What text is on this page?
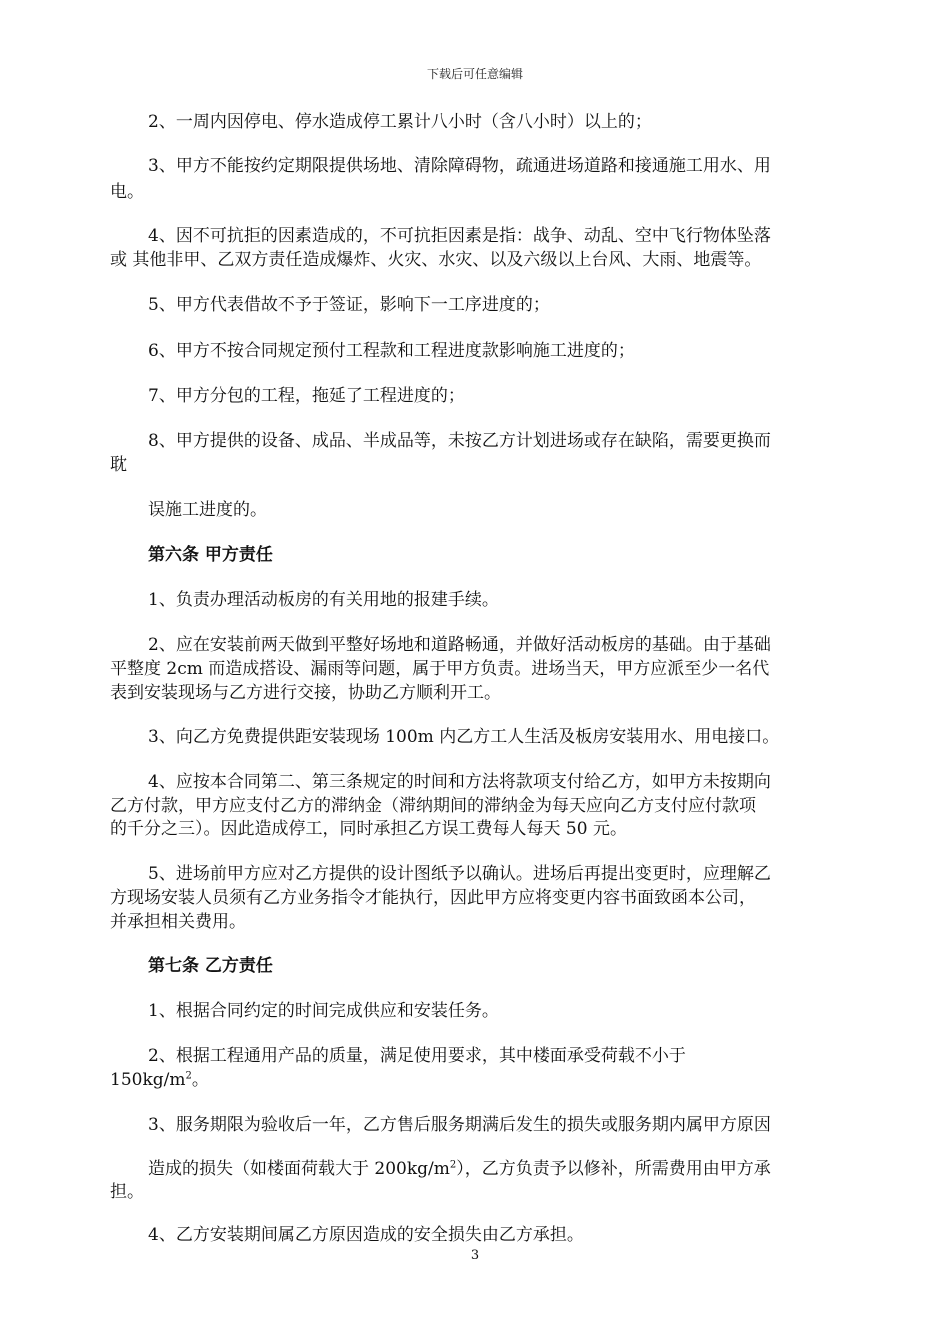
下载后可任意编辑
2、一周内因停电、停水造成停工累计八小时（含八小时）以上的；
3、甲方不能按约定期限提供场地、清除障碍物，疏通进场道路和接通施工用水、用
电。
4、因不可抗拒的因素造成的，不可抗拒因素是指：战争、动乱、空中飞行物体坠落
或 其他非甲、乙双方责任造成爆炸、火灾、水灾、以及六级以上台风、大雨、地震等。
5、甲方代表借故不予于签证，影响下一工序进度的；
6、甲方不按合同规定预付工程款和工程进度款影响施工进度的；
7、甲方分包的工程，拖延了工程进度的；
8、甲方提供的设备、成品、半成品等，未按乙方计划进场或存在缺陷，需要更换而
耽
误施工进度的。
第六条 甲方责任
1、负责办理活动板房的有关用地的报建手续。
2、应在安装前两天做到平整好场地和道路畅通，并做好活动板房的基础。由于基础
平整度 2cm 而造成搭设、漏雨等问题，属于甲方负责。进场当天，甲方应派至少一名代
表到安装现场与乙方进行交接，协助乙方顺利开工。
3、向乙方免费提供距安装现场 100m 内乙方工人生活及板房安装用水、用电接口。
4、应按本合同第二、第三条规定的时间和方法将款项支付给乙方，如甲方未按期向
乙方付款，甲方应支付乙方的滞纳金（滞纳期间的滞纳金为每天应向乙方支付应付款项
的千分之三）。因此造成停工，同时承担乙方误工费每人每天 50 元。
5、进场前甲方应对乙方提供的设计图纸予以确认。进场后再提出变更时，应理解乙
方现场安装人员须有乙方业务指令才能执行，因此甲方应将变更内容书面致函本公司，
并承担相关费用。
第七条 乙方责任
1、根据合同约定的时间完成供应和安装任务。
2、根据工程通用产品的质量，满足使用要求，其中楼面承受荷载不小于
$150kg/m^2$。
3、服务期限为验收后一年，乙方售后服务期满后发生的损失或服务期内属甲方原因
造成的损失（如楼面荷载大于 $200kg/m^2$），乙方负责予以修补，所需费用由甲方承
担。
4、乙方安装期间属乙方原因造成的安全损失由乙方承担。
3
